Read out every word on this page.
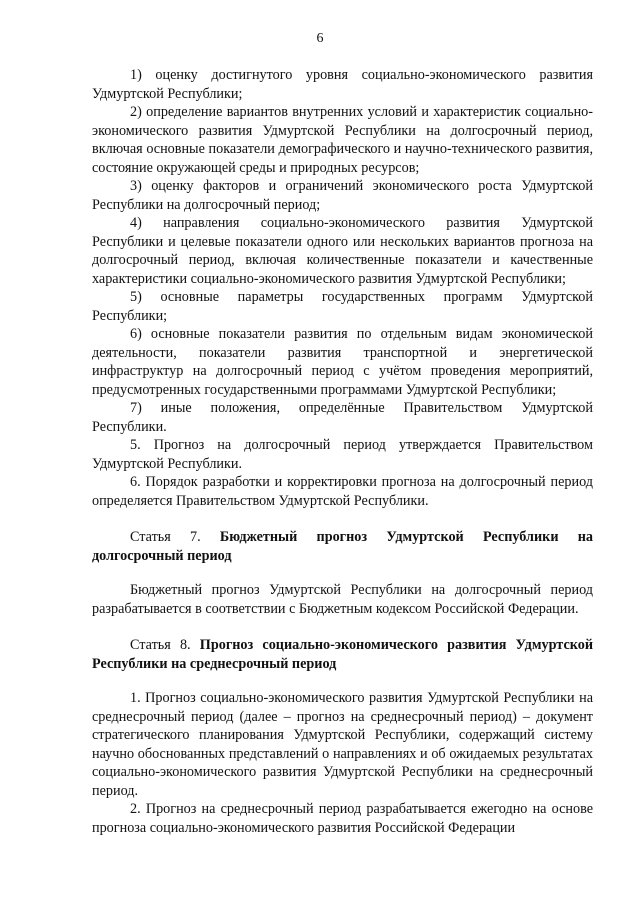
6

1) оценку достигнутого уровня социально-экономического развития Удмуртской Республики;

2) определение вариантов внутренних условий и характеристик социально-экономического развития Удмуртской Республики на долгосрочный период, включая основные показатели демографического и научно-технического развития, состояние окружающей среды и природных ресурсов;

3) оценку факторов и ограничений экономического роста Удмуртской Республики на долгосрочный период;

4) направления социально-экономического развития Удмуртской Республики и целевые показатели одного или нескольких вариантов прогноза на долгосрочный период, включая количественные показатели и качественные характеристики социально-экономического развития Удмуртской Республики;

5) основные параметры государственных программ Удмуртской Республики;

6) основные показатели развития по отдельным видам экономической деятельности, показатели развития транспортной и энергетической инфраструктур на долгосрочный период с учётом проведения мероприятий, предусмотренных государственными программами Удмуртской Республики;

7) иные положения, определённые Правительством Удмуртской Республики.

5. Прогноз на долгосрочный период утверждается Правительством Удмуртской Республики.

6. Порядок разработки и корректировки прогноза на долгосрочный период определяется Правительством Удмуртской Республики.

Статья 7. Бюджетный прогноз Удмуртской Республики на долгосрочный период

Бюджетный прогноз Удмуртской Республики на долгосрочный период разрабатывается в соответствии с Бюджетным кодексом Российской Федерации.

Статья 8. Прогноз социально-экономического развития Удмуртской Республики на среднесрочный период

1. Прогноз социально-экономического развития Удмуртской Республики на среднесрочный период (далее – прогноз на среднесрочный период) – документ стратегического планирования Удмуртской Республики, содержащий систему научно обоснованных представлений о направлениях и об ожидаемых результатах социально-экономического развития Удмуртской Республики на среднесрочный период.

2. Прогноз на среднесрочный период разрабатывается ежегодно на основе прогноза социально-экономического развития Российской Федерации
